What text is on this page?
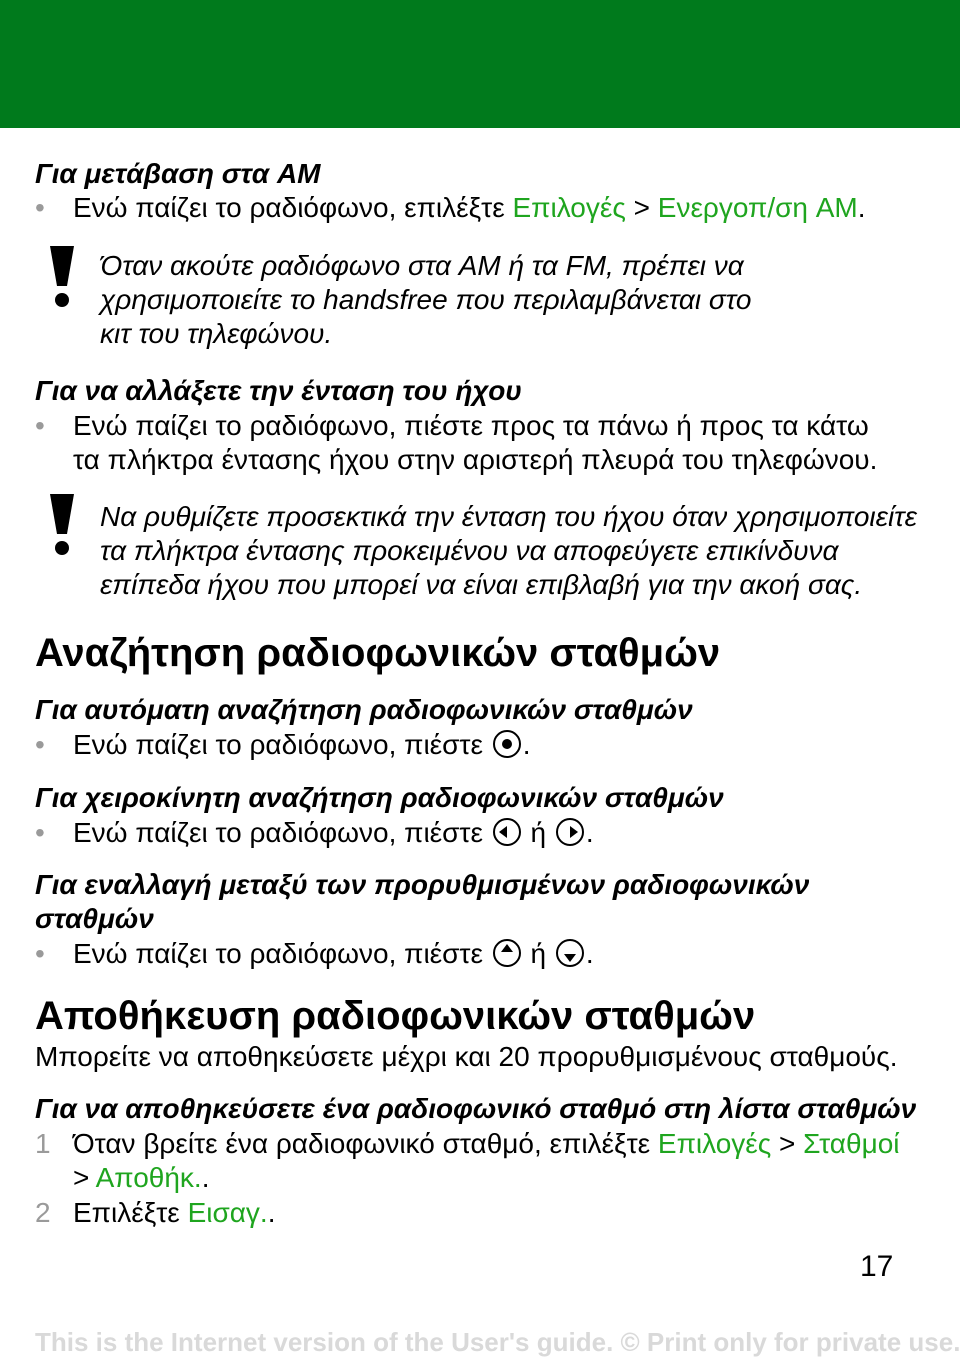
Για μετάβαση στα AM
• Ενώ παίζει το ραδιόφωνο, επιλέξτε Επιλογές > Ενεργοπ/ση AM.
Όταν ακούτε ραδιόφωνο στα AM ή τα FM, πρέπει να
χρησιμοποιείτε το handsfree που περιλαμβάνεται στο
κιτ του τηλεφώνου.
Για να αλλάξετε την ένταση του ήχου
• Ενώ παίζει το ραδιόφωνο, πιέστε προς τα πάνω ή προς τα κάτω
τα πλήκτρα έντασης ήχου στην αριστερή πλευρά του τηλεφώνου.
Να ρυθμίζετε προσεκτικά την ένταση του ήχου όταν χρησιμοποιείτε
τα πλήκτρα έντασης προκειμένου να αποφεύγετε επικίνδυνα
επίπεδα ήχου που μπορεί να είναι επιβλαβή για την ακοή σας.
Αναζήτηση ραδιοφωνικών σταθμών
Για αυτόματη αναζήτηση ραδιοφωνικών σταθμών
• Ενώ παίζει το ραδιόφωνο, πιέστε .
Για χειροκίνητη αναζήτηση ραδιοφωνικών σταθμών
• Ενώ παίζει το ραδιόφωνο, πιέστε  ή .
Για εναλλαγή μεταξύ των προρυθμισμένων ραδιοφωνικών
σταθμών
• Ενώ παίζει το ραδιόφωνο, πιέστε  ή .
Αποθήκευση ραδιοφωνικών σταθμών
Μπορείτε να αποθηκεύσετε μέχρι και 20 προρυθμισμένους σταθμούς.
Για να αποθηκεύσετε ένα ραδιοφωνικό σταθμό στη λίστα σταθμών
1 Όταν βρείτε ένα ραδιοφωνικό σταθμό, επιλέξτε Επιλογές > Σταθμοί
> Αποθήκ..
2 Επιλέξτε Εισαγ..
17
This is the Internet version of the User's guide. © Print only for private use.
